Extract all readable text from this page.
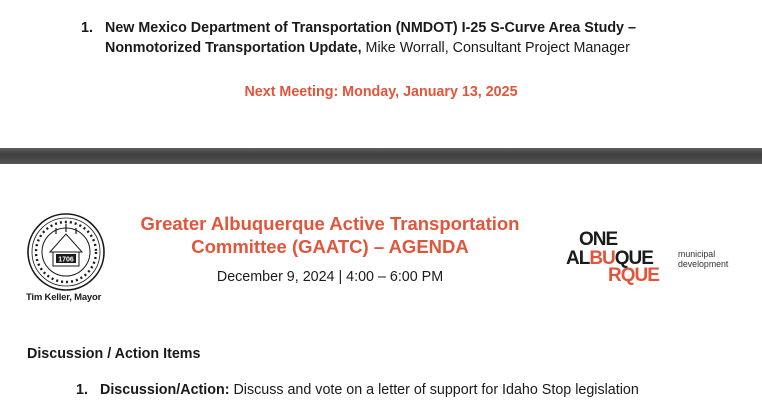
1. New Mexico Department of Transportation (NMDOT) I-25 S-Curve Area Study – Nonmotorized Transportation Update, Mike Worrall, Consultant Project Manager
Next Meeting: Monday, January 13, 2025
1706
Tim Keller, Mayor
Greater Albuquerque Active Transportation
Committee (GAATC) – AGENDA
December 9, 2024 | 4:00 – 6:00 PM
ONE
ALBUQUE
RQUE
municipal
development
Discussion / Action Items
1. Discussion/Action: Discuss and vote on a letter of support for Idaho Stop legislation
